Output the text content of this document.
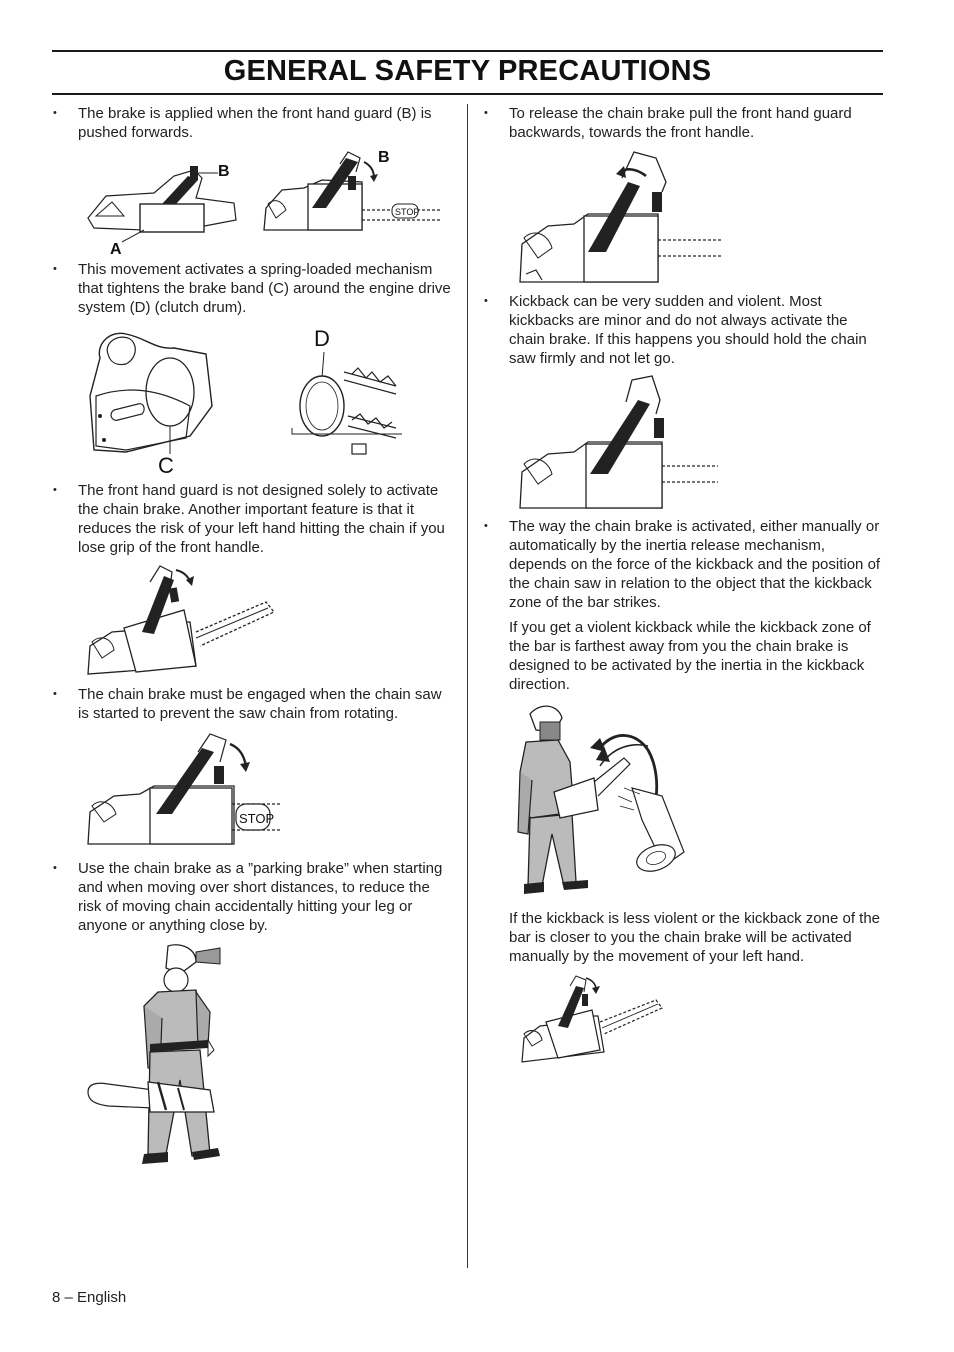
GENERAL SAFETY PRECAUTIONS
• The brake is applied when the front hand guard (B) is pushed forwards.
B
A
STOP
B
• This movement activates a spring-loaded mechanism that tightens the brake band (C) around the engine drive system (D) (clutch drum).
C
D
• The front hand guard is not designed solely to activate the chain brake. Another important feature is that it reduces the risk of your left hand hitting the chain if you lose grip of the front handle.
• The chain brake must be engaged when the chain saw is started to prevent the saw chain from rotating.
STOP
• Use the chain brake as a ”parking brake” when starting and when moving over short distances, to reduce the risk of moving chain accidentally hitting your leg or anyone or anything close by.
• To release the chain brake pull the front hand guard backwards, towards the front handle.
• Kickback can be very sudden and violent. Most kickbacks are minor and do not always activate the chain brake. If this happens you should hold the chain saw firmly and not let go.
• The way the chain brake is activated, either manually or automatically by the inertia release mechanism, depends on the force of the kickback and the position of the chain saw in relation to the object that the kickback zone of the bar strikes.
If you get a violent kickback while the kickback zone of the bar is farthest away from you the chain brake is designed to be activated by the inertia in the kickback direction.
If the kickback is less violent or the kickback zone of the bar is closer to you the chain brake will be activated manually by the movement of your left hand.
8 – English
